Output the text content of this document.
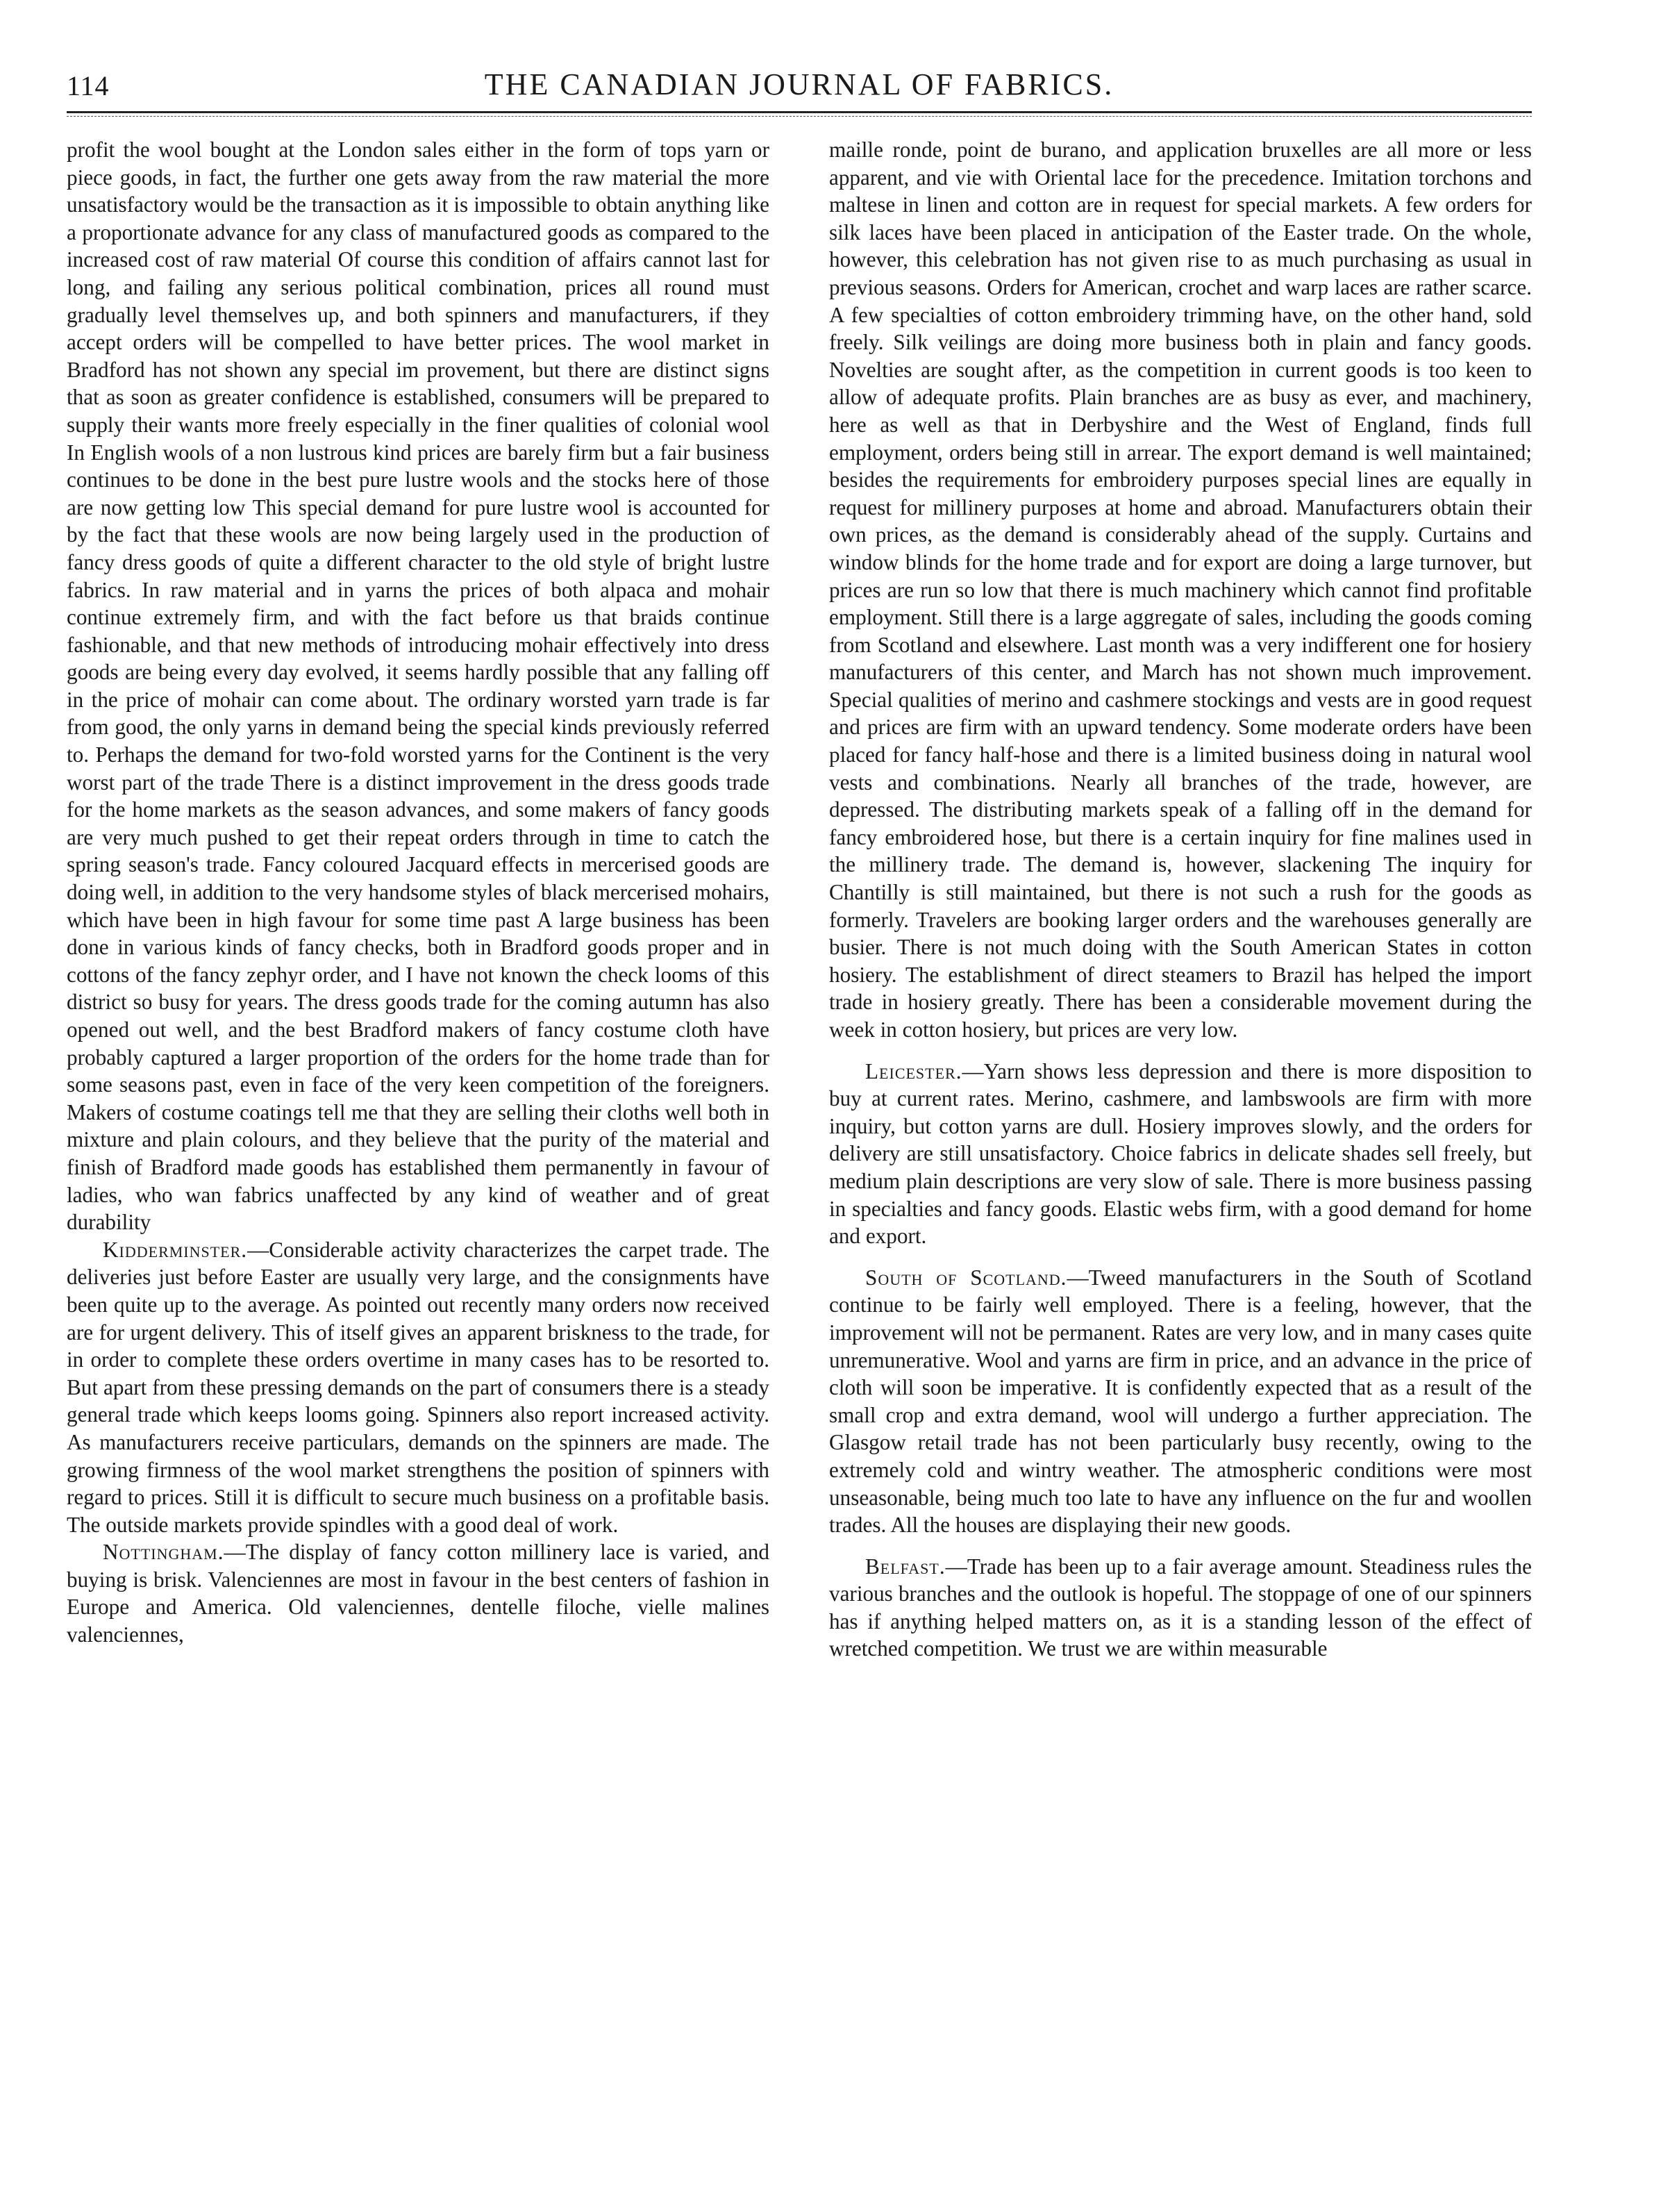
114	THE CANADIAN JOURNAL OF FABRICS.

profit the wool bought at the London sales either in the form of tops yarn or piece goods, in fact, the further one gets away from the raw material the more unsatisfactory would be the transaction as it is impossible to obtain anything like a proportionate advance for any class of manufactured goods as compared to the increased cost of raw material Of course this condition of affairs cannot last for long, and failing any serious political combination, prices all round must gradually level themselves up, and both spinners and manufacturers, if they accept orders will be compelled to have better prices. The wool market in Bradford has not shown any special im provement, but there are distinct signs that as soon as greater confidence is established, consumers will be prepared to supply their wants more freely especially in the finer qualities of colonial wool In English wools of a non lustrous kind prices are barely firm but a fair business continues to be done in the best pure lustre wools and the stocks here of those are now getting low This special demand for pure lustre wool is accounted for by the fact that these wools are now being largely used in the production of fancy dress goods of quite a different character to the old style of bright lustre fabrics. In raw material and in yarns the prices of both alpaca and mohair continue extremely firm, and with the fact before us that braids continue fashionable, and that new methods of introducing mohair effectively into dress goods are being every day evolved, it seems hardly possible that any falling off in the price of mohair can come about. The ordinary worsted yarn trade is far from good, the only yarns in demand being the special kinds previously referred to. Perhaps the demand for two-fold worsted yarns for the Continent is the very worst part of the trade There is a distinct improvement in the dress goods trade for the home markets as the season advances, and some makers of fancy goods are very much pushed to get their repeat orders through in time to catch the spring season's trade. Fancy coloured Jacquard effects in mercerised goods are doing well, in addition to the very handsome styles of black mercerised mohairs, which have been in high favour for some time past A large business has been done in various kinds of fancy checks, both in Bradford goods proper and in cottons of the fancy zephyr order, and I have not known the check looms of this district so busy for years. The dress goods trade for the coming autumn has also opened out well, and the best Bradford makers of fancy costume cloth have probably captured a larger proportion of the orders for the home trade than for some seasons past, even in face of the very keen competition of the foreigners. Makers of costume coatings tell me that they are selling their cloths well both in mixture and plain colours, and they believe that the purity of the material and finish of Bradford made goods has established them permanently in favour of ladies, who wan fabrics unaffected by any kind of weather and of great durability

Kidderminster.—Considerable activity characterizes the carpet trade. The deliveries just before Easter are usually very large, and the consignments have been quite up to the average. As pointed out recently many orders now received are for urgent delivery. This of itself gives an apparent briskness to the trade, for in order to complete these orders overtime in many cases has to be resorted to. But apart from these pressing demands on the part of consumers there is a steady general trade which keeps looms going. Spinners also report increased activity. As manufacturers receive particulars, demands on the spinners are made. The growing firmness of the wool market strengthens the position of spinners with regard to prices. Still it is difficult to secure much business on a profitable basis. The outside markets provide spindles with a good deal of work.

Nottingham.—The display of fancy cotton millinery lace is varied, and buying is brisk. Valenciennes are most in favour in the best centers of fashion in Europe and America. Old valenciennes, dentelle filoche, vielle malines valenciennes,

maille ronde, point de burano, and application bruxelles are all more or less apparent, and vie with Oriental lace for the precedence. Imitation torchons and maltese in linen and cotton are in request for special markets. A few orders for silk laces have been placed in anticipation of the Easter trade. On the whole, however, this celebration has not given rise to as much purchasing as usual in previous seasons. Orders for American, crochet and warp laces are rather scarce. A few specialties of cotton embroidery trimming have, on the other hand, sold freely. Silk veilings are doing more business both in plain and fancy goods. Novelties are sought after, as the competition in current goods is too keen to allow of adequate profits. Plain branches are as busy as ever, and machinery, here as well as that in Derbyshire and the West of England, finds full employment, orders being still in arrear. The export demand is well maintained; besides the requirements for embroidery purposes special lines are equally in request for millinery purposes at home and abroad. Manufacturers obtain their own prices, as the demand is considerably ahead of the supply. Curtains and window blinds for the home trade and for export are doing a large turnover, but prices are run so low that there is much machinery which cannot find profitable employment. Still there is a large aggregate of sales, including the goods coming from Scotland and elsewhere. Last month was a very indifferent one for hosiery manufacturers of this center, and March has not shown much improvement. Special qualities of merino and cashmere stockings and vests are in good request and prices are firm with an upward tendency. Some moderate orders have been placed for fancy half-hose and there is a limited business doing in natural wool vests and combinations. Nearly all branches of the trade, however, are depressed. The distributing markets speak of a falling off in the demand for fancy embroidered hose, but there is a certain inquiry for fine malines used in the millinery trade. The demand is, however, slackening The inquiry for Chantilly is still maintained, but there is not such a rush for the goods as formerly. Travelers are booking larger orders and the warehouses generally are busier. There is not much doing with the South American States in cotton hosiery. The establishment of direct steamers to Brazil has helped the import trade in hosiery greatly. There has been a considerable movement during the week in cotton hosiery, but prices are very low.

Leicester.—Yarn shows less depression and there is more disposition to buy at current rates. Merino, cashmere, and lambswools are firm with more inquiry, but cotton yarns are dull. Hosiery improves slowly, and the orders for delivery are still unsatisfactory. Choice fabrics in delicate shades sell freely, but medium plain descriptions are very slow of sale. There is more business passing in specialties and fancy goods. Elastic webs firm, with a good demand for home and export.

South of Scotland.—Tweed manufacturers in the South of Scotland continue to be fairly well employed. There is a feeling, however, that the improvement will not be permanent. Rates are very low, and in many cases quite unremunerative. Wool and yarns are firm in price, and an advance in the price of cloth will soon be imperative. It is confidently expected that as a result of the small crop and extra demand, wool will undergo a further appreciation. The Glasgow retail trade has not been particularly busy recently, owing to the extremely cold and wintry weather. The atmospheric conditions were most unseasonable, being much too late to have any influence on the fur and woollen trades. All the houses are displaying their new goods.

Belfast.—Trade has been up to a fair average amount. Steadiness rules the various branches and the outlook is hopeful. The stoppage of one of our spinners has if anything helped matters on, as it is a standing lesson of the effect of wretched competition. We trust we are within measurable
